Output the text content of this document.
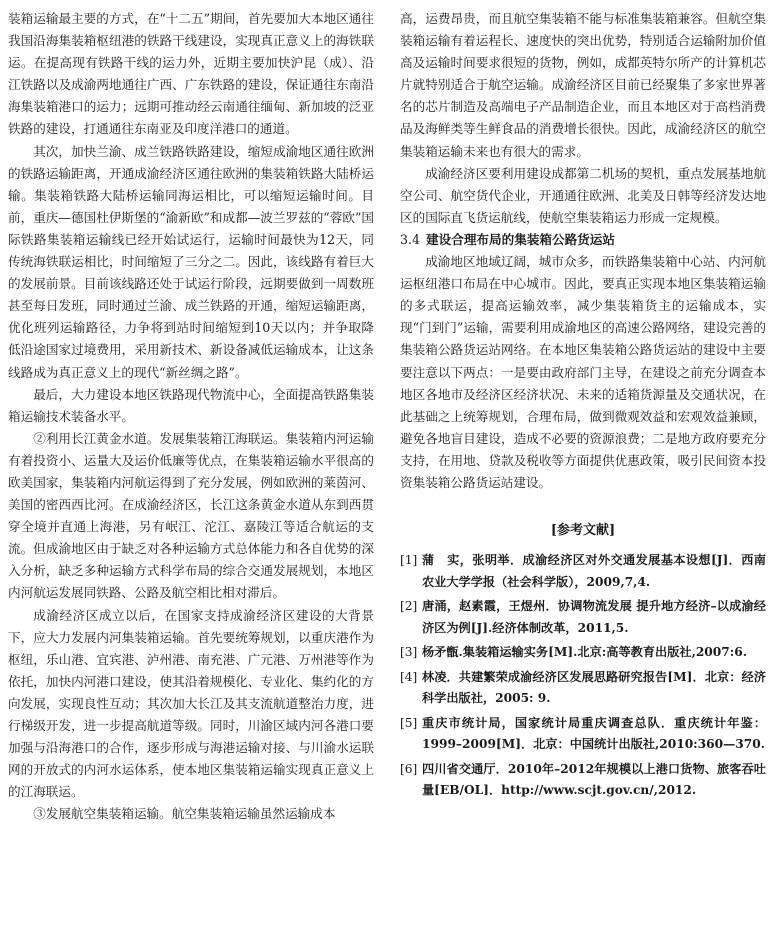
装箱运输最主要的方式，在“十二五”期间，首先要加大本地区通往我国沿海集装箱枢纽港的铁路干线建设，实现真正意义上的海铁联运。在提高现有铁路干线的运力外，近期主要加快沪昆（成）、沿江铁路以及成渝两地通往广西、广东铁路的建设，保证通往东南沿海集装箱港口的运力；远期可推动经云南通往缅甸、新加坡的泛亚铁路的建设，打通通往东南亚及印度洋港口的通道。

其次，加快兰渝、成兰铁路铁路建设，缩短成渝地区通往欧洲的铁路运输距离，开通成渝经济区通往欧洲的集装箱铁路大陆桥运输。集装箱铁路大陆桥运输同海运相比，可以缩短运输时间。目前，重庆—德国杜伊斯堡的“渝新欧”和成都—波兰罗兹的“蓉欧”国际铁路集装箱运输线已经开始试运行，运输时间最快为12天，同传统海铁联运相比，时间缩短了三分之二。因此，该线路有着巨大的发展前景。目前该线路还处于试运行阶段，远期要做到一周数班甚至每日发班，同时通过兰渝、成兰铁路的开通，缩短运输距离，优化班列运输路径，力争将到站时间缩短到10天以内；并争取降低沿途国家过境费用，采用新技术、新设备减低运输成本，让这条线路成为真正意义上的现代“新丝绸之路”。

最后，大力建设本地区铁路现代物流中心，全面提高铁路集装箱运输技术装备水平。

②利用长江黄金水道。发展集装箱江海联运。集装箱内河运输有着投资小、运量大及运价低廉等优点，在集装箱运输水平很高的欧美国家，集装箱内河航运得到了充分发展，例如欧洲的莱茵河、美国的密西西比河。在成渝经济区，长江这条黄金水道从东到西贯穿全境并直通上海港，另有岷江、沱江、嘉陵江等适合航运的支流。但成渝地区由于缺乏对各种运输方式总体能力和各自优势的深入分析，缺乏多种运输方式科学布局的综合交通发展规划，本地区内河航运发展同铁路、公路及航空相比相对滞后。

成渝经济区成立以后，在国家支持成渝经济区建设的大背景下，应大力发展内河集装箱运输。首先要统筹规划，以重庆港作为枢纽，乐山港、宜宾港、泸州港、南充港、广元港、万州港等作为依托，加快内河港口建设，使其沿着规模化、专业化、集约化的方向发展，实现良性互动；其次加大长江及其支流航道整治力度，进行梯级开发，进一步提高航道等级。同时，川渝区域内河各港口要加强与沿海港口的合作，逐步形成与海港运输对接、与川渝水运联网的开放式的内河水运体系，使本地区集装箱运输实现真正意义上的江海联运。

③发展航空集装箱运输。航空集装箱运输虽然运输成本

高，运费昂贵，而且航空集装箱不能与标准集装箱兼容。但航空集装箱运输有着运程长、速度快的突出优势，特别适合运输附加价值高及运输时间要求很短的货物，例如，成都英特尔所产的计算机芯片就特别适合于航空运输。成渝经济区目前已经聚集了多家世界著名的芯片制造及高端电子产品制造企业，而且本地区对于高档消费品及海鲜类等生鲜食品的消费增长很快。因此，成渝经济区的航空集装箱运输未来也有很大的需求。

成渝经济区要利用建设成都第二机场的契机，重点发展基地航空公司、航空货代企业，开通通往欧洲、北美及日韩等经济发达地区的国际直飞货运航线，使航空集装箱运力形成一定规模。

3.4 建设合理布局的集装箱公路货运站

成渝地区地域辽阔，城市众多，而铁路集装箱中心站、内河航运枢纽港口布局在中心城市。因此，要真正实现本地区集装箱运输的多式联运，提高运输效率，减少集装箱货主的运输成本，实现“门到门”运输，需要利用成渝地区的高速公路网络，建设完善的集装箱公路货运站网络。在本地区集装箱公路货运站的建设中主要要注意以下两点：一是要由政府部门主导，在建设之前充分调查本地区各地市及经济区经济状况、未来的适箱货源量及交通状况，在此基础之上统筹规划，合理布局，做到微观效益和宏观效益兼顾，避免各地盲目建设，造成不必要的资源浪费；二是地方政府要充分支持，在用地、贷款及税收等方面提供优惠政策，吸引民间资本投资集装箱公路货运站建设。

[参考文献]
[1] 蒲　实，张明举．成渝经济区对外交通发展基本设想[J]．西南农业大学学报（社会科学版），2009,7,4.
[2] 唐涌，赵素霞，王煜州．协调物流发展 提升地方经济–以成渝经济区为例[J].经济体制改革，2011,5.
[3] 杨矛甑.集装箱运输实务[M].北京:高等教育出版社,2007:6.
[4] 林凌．共建繁荣成渝经济区发展思路研究报告[M]．北京：经济科学出版社，2005: 9.
[5] 重庆市统计局，国家统计局重庆调查总队．重庆统计年鉴：1999–2009[M]．北京：中国统计出版社,2010:360—370.
[6] 四川省交通厅．2010年–2012年规模以上港口货物、旅客吞吐量[EB/OL]．http://www.scjt.gov.cn/,2012.
